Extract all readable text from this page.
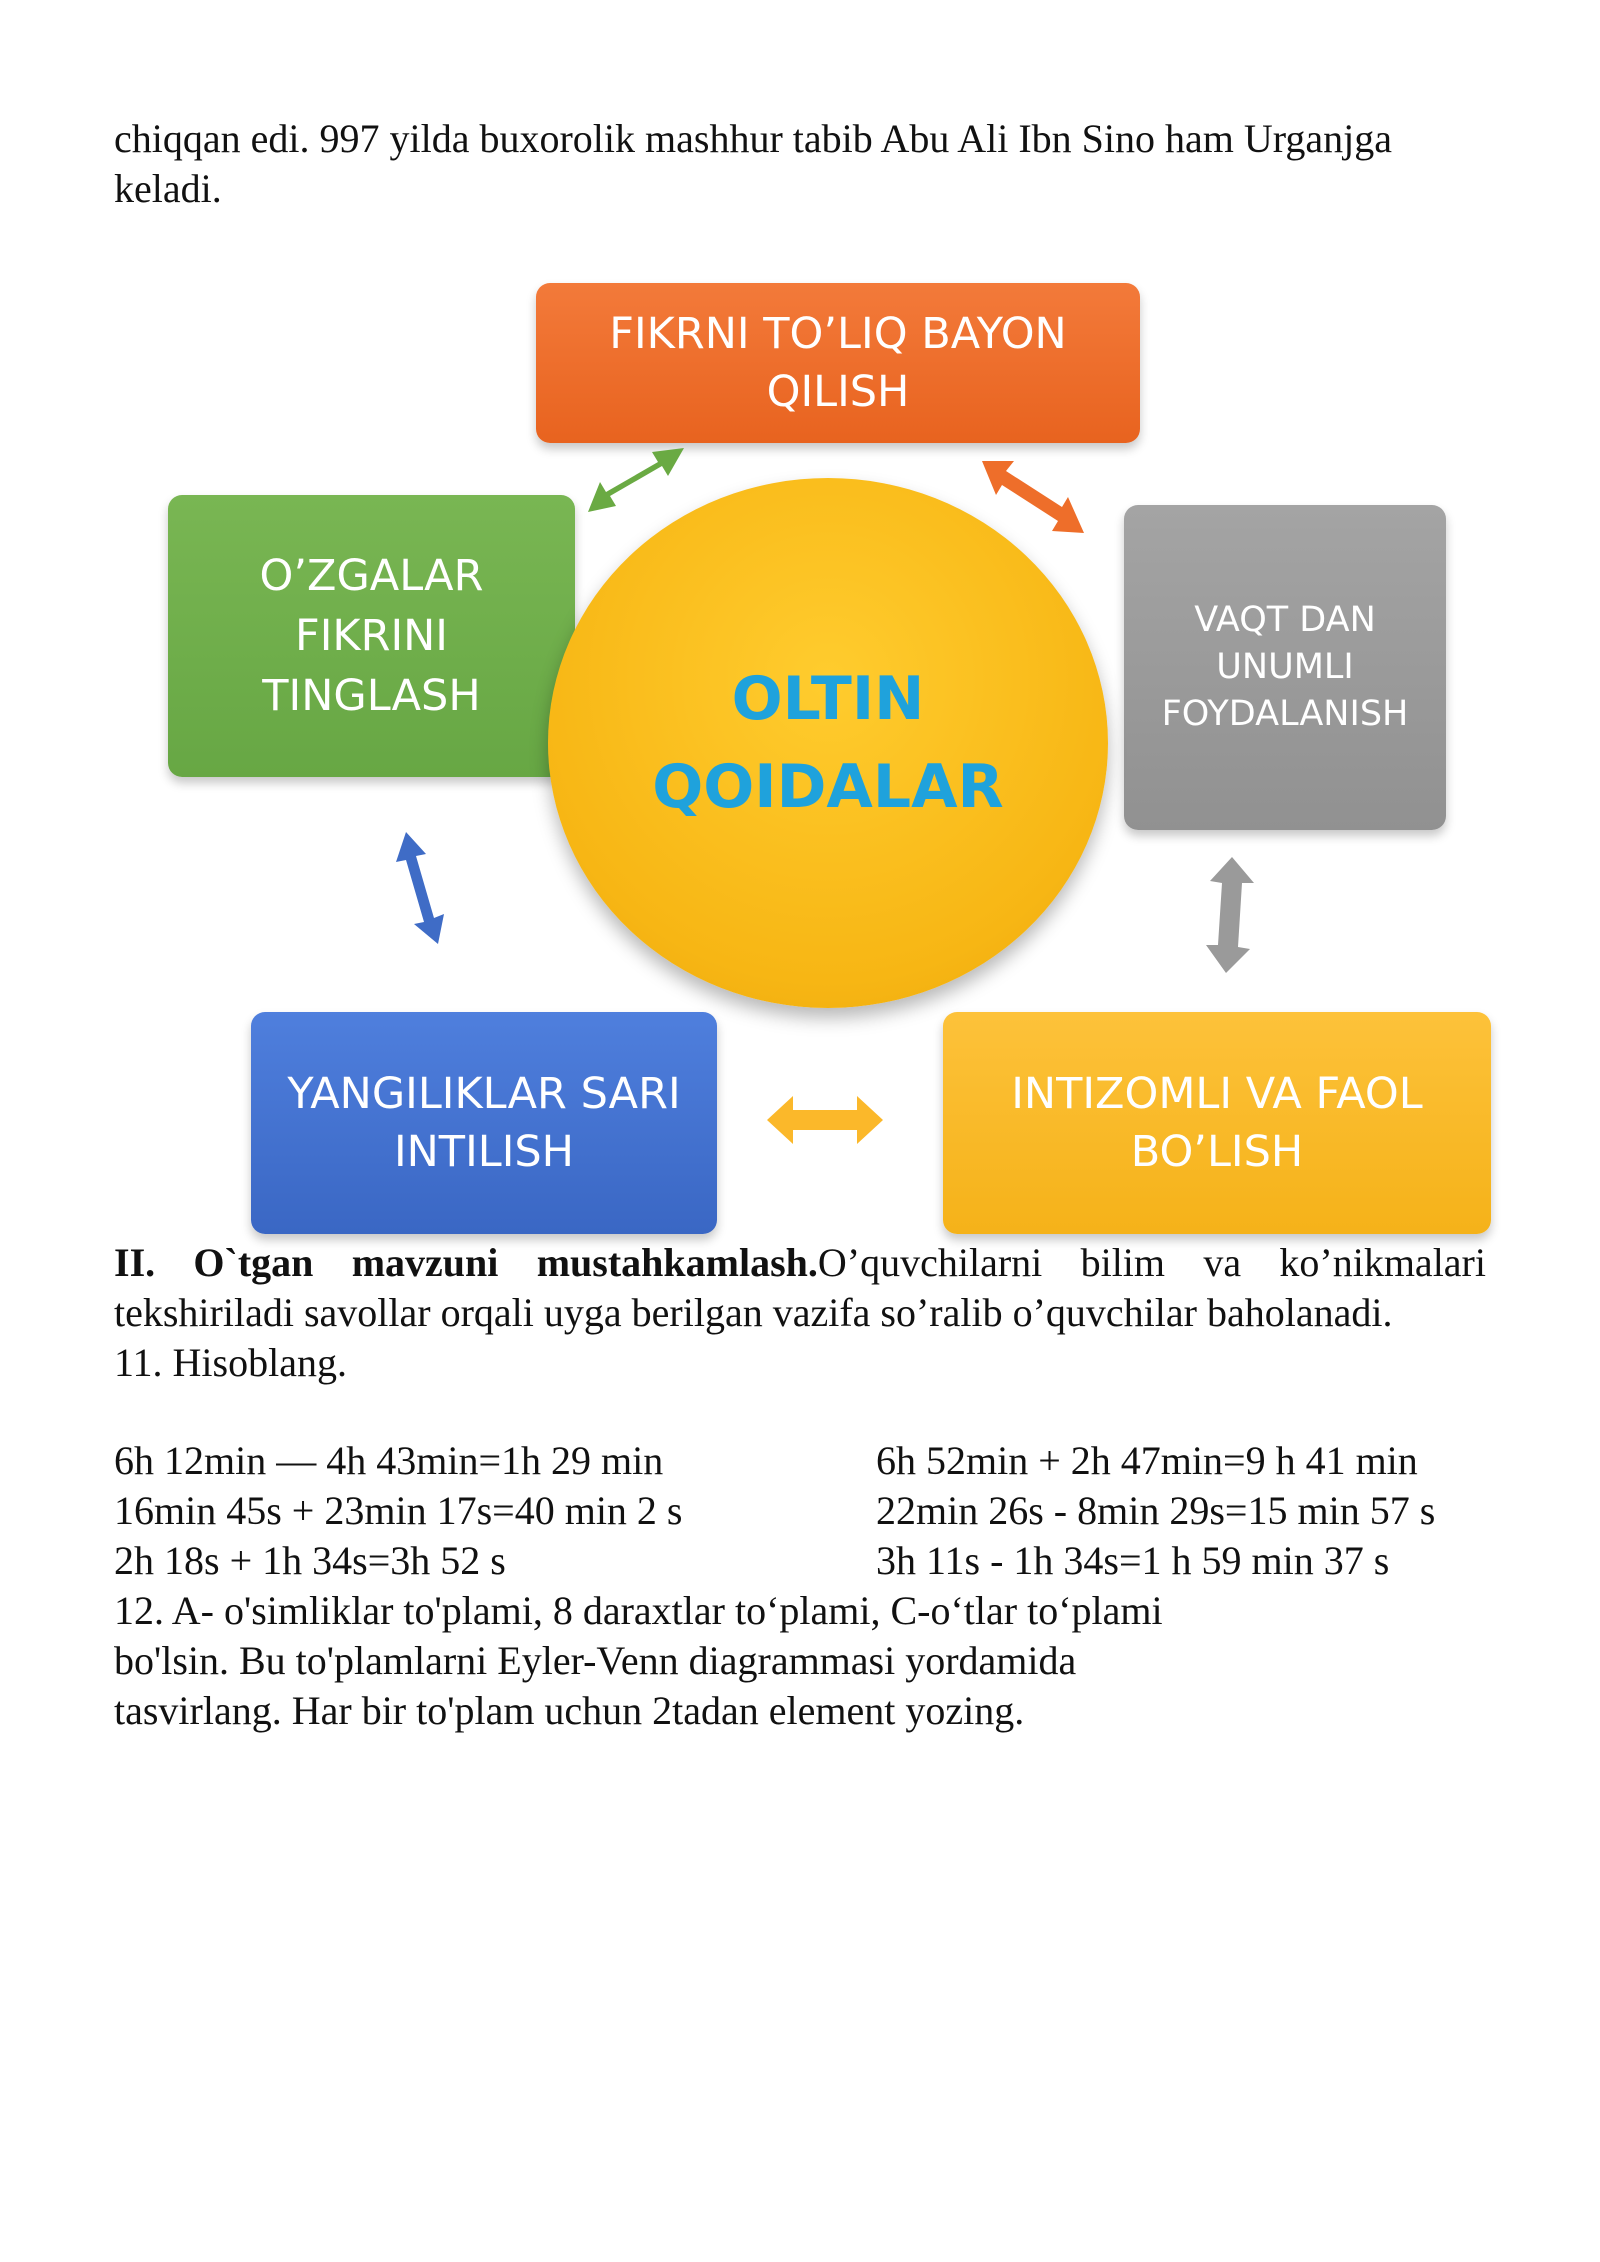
chiqqan edi. 997 yilda buxorolik mashhur tabib Abu Ali Ibn Sino ham Urganjga
keladi.
FIKRNI TO’LIQ BAYON
QILISH
O’ZGALAR
FIKRINI
TINGLASH
VAQT DAN
UNUMLI
FOYDALANISH
YANGILIKLAR SARI
INTILISH
INTIZOMLI VA FAOL
BO’LISH
OLTIN
QOIDALAR
II. O`tgan mavzuni mustahkamlash.O’quvchilarni bilim va ko’nikmalari tekshiriladi savollar orqali uyga berilgan vazifa so’ralib o’quvchilar baholanadi.
11. Hisoblang.
6h 12min — 4h 43min=1h 29 min
16min 45s + 23min 17s=40 min 2 s
2h 18s + 1h 34s=3h 52 s
6h 52min + 2h 47min=9 h 41 min
22min 26s - 8min 29s=15 min 57 s
3h 11s - 1h 34s=1 h 59 min 37 s
12. A- o'simliklar to'plami, 8 daraxtlar to‘plami, C-o‘tlar to‘plami
bo'lsin. Bu to'plamlarni Eyler-Venn diagrammasi yordamida
tasvirlang. Har bir to'plam uchun 2tadan element yozing.
